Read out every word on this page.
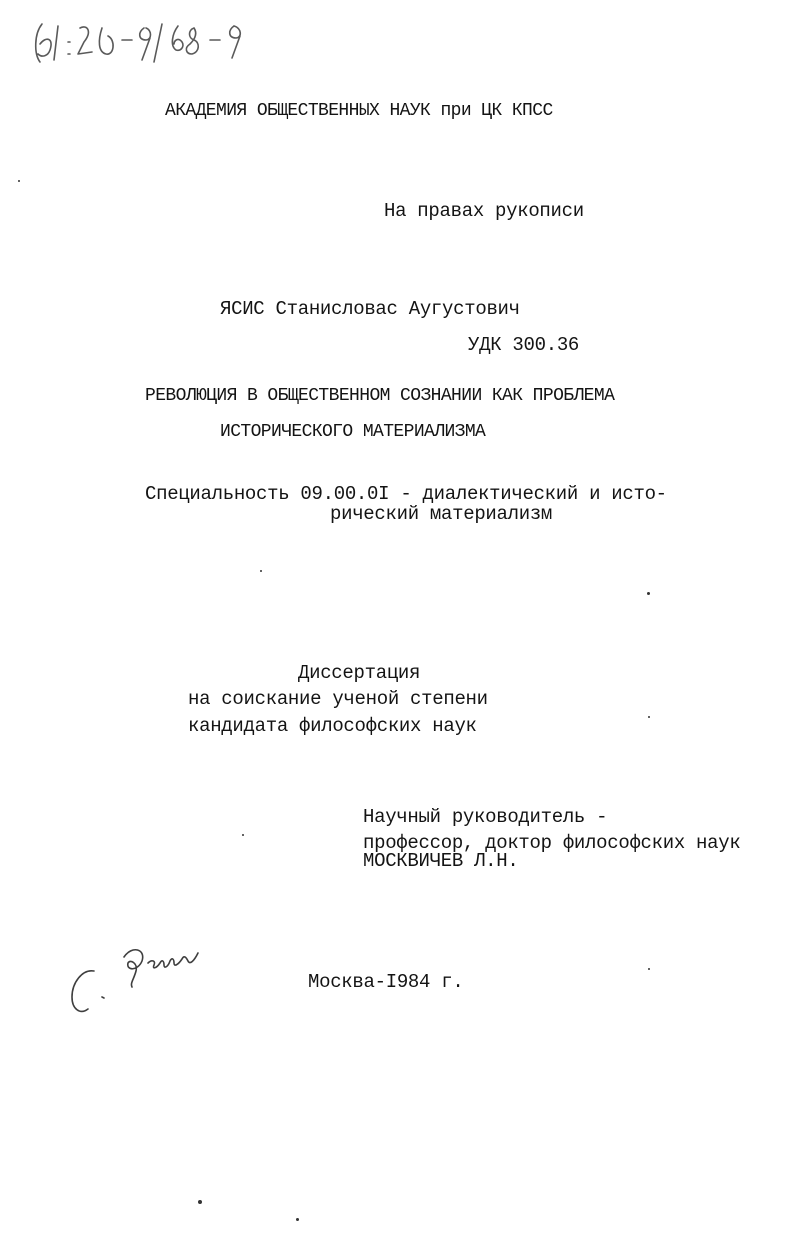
АКАДЕМИЯ ОБЩЕСТВЕННЫХ НАУК при ЦК КПСС
На правах рукописи
ЯСИС Станисловас Аугустович
УДК 300.36
РЕВОЛЮЦИЯ В ОБЩЕСТВЕННОМ СОЗНАНИИ КАК ПРОБЛЕМА
ИСТОРИЧЕСКОГО МАТЕРИАЛИЗМА
Специальность 09.00.0I - диалектический и исто-
рический материализм
Диссертация
на соискание ученой степени
кандидата философских наук
Научный руководитель -
профессор, доктор философских наук
МОСКВИЧЕВ Л.Н.
Москва-I984 г.
